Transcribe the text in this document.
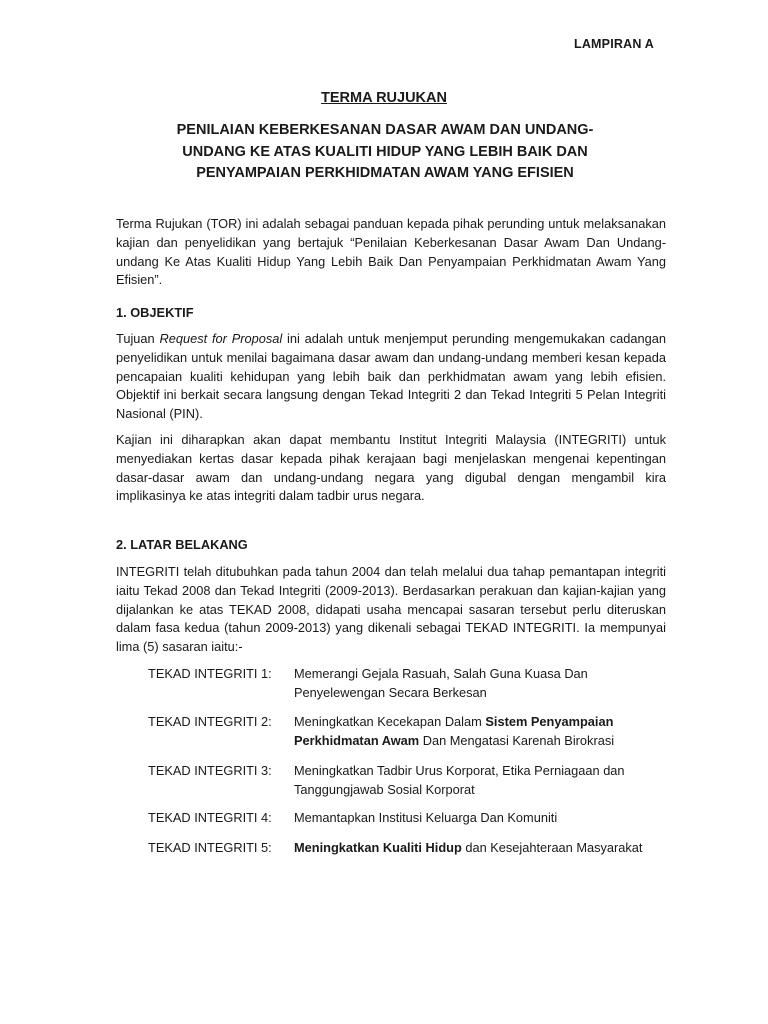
LAMPIRAN A
TERMA RUJUKAN
PENILAIAN KEBERKESANAN DASAR AWAM DAN UNDANG-
UNDANG KE ATAS KUALITI HIDUP YANG LEBIH BAIK DAN
PENYAMPAIAN PERKHIDMATAN AWAM YANG EFISIEN

Terma Rujukan (TOR) ini adalah sebagai panduan kepada pihak perunding untuk melaksanakan kajian dan penyelidikan yang bertajuk “Penilaian Keberkesanan Dasar Awam Dan Undang-undang Ke Atas Kualiti Hidup Yang Lebih Baik Dan Penyampaian Perkhidmatan Awam Yang Efisien”.

1. OBJEKTIF

Tujuan Request for Proposal ini adalah untuk menjemput perunding mengemukakan cadangan penyelidikan untuk menilai bagaimana dasar awam dan undang-undang memberi kesan kepada pencapaian kualiti kehidupan yang lebih baik dan perkhidmatan awam yang lebih efisien. Objektif ini berkait secara langsung dengan Tekad Integriti 2 dan Tekad Integriti 5 Pelan Integriti Nasional (PIN).

Kajian ini diharapkan akan dapat membantu Institut Integriti Malaysia (INTEGRITI) untuk menyediakan kertas dasar kepada pihak kerajaan bagi menjelaskan mengenai kepentingan dasar-dasar awam dan undang-undang negara yang digubal dengan mengambil kira implikasinya ke atas integriti dalam tadbir urus negara.

2. LATAR BELAKANG

INTEGRITI telah ditubuhkan pada tahun 2004 dan telah melalui dua tahap pemantapan integriti iaitu Tekad 2008 dan Tekad Integriti (2009-2013). Berdasarkan perakuan dan kajian-kajian yang dijalankan ke atas TEKAD 2008, didapati usaha mencapai sasaran tersebut perlu diteruskan dalam fasa kedua (tahun 2009-2013) yang dikenali sebagai TEKAD INTEGRITI. Ia mempunyai lima (5) sasaran iaitu:-

TEKAD INTEGRITI 1:	Memerangi Gejala Rasuah, Salah Guna Kuasa Dan Penyelewengan Secara Berkesan
TEKAD INTEGRITI 2:	Meningkatkan Kecekapan Dalam Sistem Penyampaian Perkhidmatan Awam Dan Mengatasi Karenah Birokrasi
TEKAD INTEGRITI 3:	Meningkatkan Tadbir Urus Korporat, Etika Perniagaan dan Tanggungjawab Sosial Korporat
TEKAD INTEGRITI 4:	Memantapkan Institusi Keluarga Dan Komuniti
TEKAD INTEGRITI 5:	Meningkatkan Kualiti Hidup dan Kesejahteraan Masyarakat
